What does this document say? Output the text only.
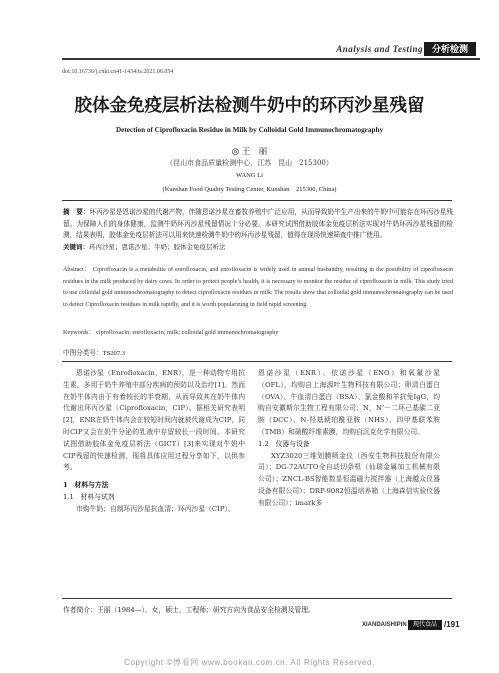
Analysis and Testing 分析检测
doi:10.16736/j.cnki.cn41-1434/ts.2021.06.054
胶体金免疫层析法检测牛奶中的环丙沙星残留
Detection of Ciprofloxacin Residue in Milk by Colloidal Gold Immunochromatography
◎ 王　丽
（昆山市食品质量检测中心，江苏　昆山　215300）
WANG Li
(Kunshan Food Quality Testing Center, Kunshan　215300, China)
摘　要：环丙沙星是恩诺沙星的代谢产物，伴随恩诺沙星在畜牧养殖中广泛应用，从而导致奶牛生产出来的牛奶中可能存在环丙沙星残留。为保障人们的身体健康，监测牛奶环丙沙星残留情况十分必要。本研究试图借助胶体金免疫层析法实现对牛奶环丙沙星残留的检测，结果表明，胶体金免疫层析法可以用来快速检测牛奶中的环丙沙星残留，值得在现场快速筛查中推广使用。
关键词：环丙沙星；恩诺沙星；牛奶；胶体金免疫层析法
Abstract： Ciprofloxacin is a metabolite of enrofloxacin, and enrofloxacin is widely used in animal husbandry, resulting in the possibility of ciprofloxacin residues in the milk produced by dairy cows. In order to protect people’s health, it is necessary to monitor the residue of ciprofloxacin in milk. This study tried to use colloidal gold immunochromatography to detect ciprofloxacin residues in milk. The results show that colloidal gold immunochromatography can be used to detect Ciprofloxacin residues in milk rapidly, and it is worth popularizing in field rapid screening.
Keywords： ciprofloxacin; enrofloxacin; milk; colloidal gold immunochromatography
中图分类号：TS207.3

恩诺沙星（Enrofloxacin，ENR），是一种动物专用抗生素，多用于奶牛养殖中部分疾病的预防以及治疗[1]。然而在奶牛体内由于有着较长的半衰期，从而导致其在奶牛体内代谢出环丙沙星（Ciprofloxacin，CIP）。据相关研究表明[2]，ENR在奶牛体内会在较短时间内就被代谢成为CIP，同时CIP又会在奶牛分泌的乳液中存留较长一段时间。本研究试图借助胶体金免疫层析法（GICT）[3]来实现对牛奶中CIP残留的快速检测，现将具体应用过程分享如下，以供参考。

1　材料与方法

1.1　材料与试剂

市购牛奶；自制环丙沙星抗血清；环丙沙星（CIP）、

恩诺沙星（ENR）、依诺沙星（ENO）和氧氟沙星（OFL），均购自上海源叶生物科技有限公司；卵清白蛋白（OVA）、牛血清白蛋白（BSA）、氯金酸和羊抗兔IgG，均购自安徽斯尔生物工程有限公司；N，N’－二环己基碳二亚胺（DCC）、N-羟基琥珀酰亚胺（NHS）、四甲基联苯胺（TMB）和硝酸纤维素膜，均购自沉克化学有限公司。

1.2　仪器与设备

XYZ3020三维划膜喷金仪（西安生物科技股份有限公司）；DG-72AUTO全自动切条机（仙瑞金属加工机械有限公司）；ZNCL-BS智能数显恒温磁力搅拌器（上海越众仪器设备有限公司）；DRP-9082恒温培养箱（上海森信实验仪器有限公司）；imark多

作者简介：王丽（1984—），女，硕士，工程师；研究方向为食品安全检测及管理。
XIANDAISHIPIN	现代食品 /191
Copyright ©博看网 www.bookan.com.cn. All Rights Reserved.
